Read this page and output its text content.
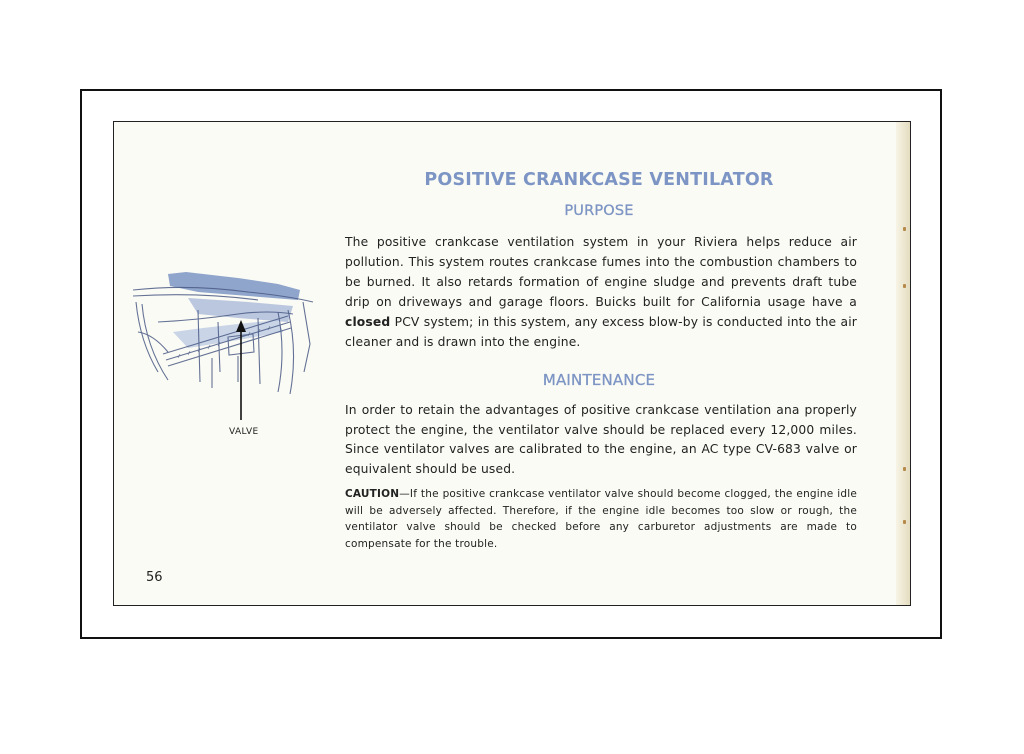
POSITIVE CRANKCASE VENTILATOR
PURPOSE
The positive crankcase ventilation system in your Riviera helps reduce air pollution. This system routes crankcase fumes into the combustion chambers to be burned. It also retards formation of engine sludge and prevents draft tube drip on driveways and garage floors. Buicks built for California usage have a closed PCV system; in this system, any excess blow-by is conducted into the air cleaner and is drawn into the engine.
MAINTENANCE
In order to retain the advantages of positive crankcase ventilation ana properly protect the engine, the ventilator valve should be replaced every 12,000 miles. Since ventilator valves are calibrated to the engine, an AC type CV-683 valve or equivalent should be used.
CAUTION—If the positive crankcase ventilator valve should become clogged, the engine idle will be adversely affected. Therefore, if the engine idle becomes too slow or rough, the ventilator valve should be checked before any carburetor adjustments are made to compensate for the trouble.
VALVE
56
